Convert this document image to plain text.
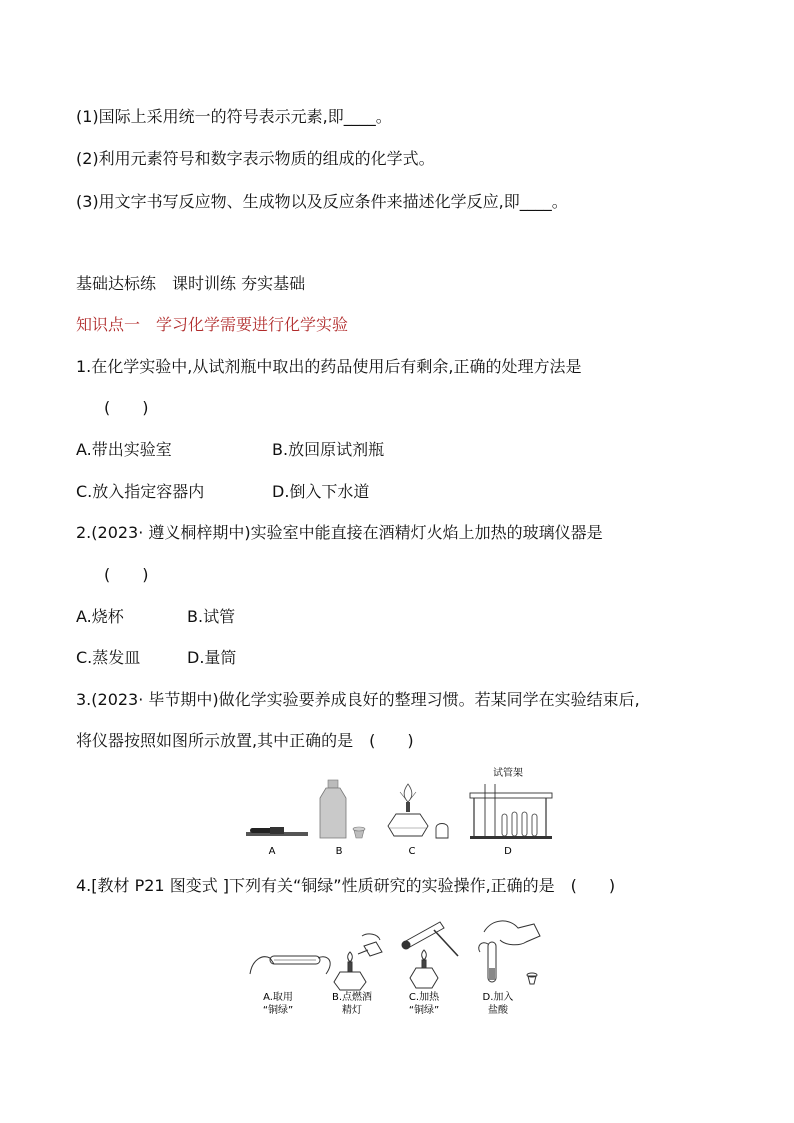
(1)国际上采用统一的符号表示元素,即____。
(2)利用元素符号和数字表示物质的组成的化学式。
(3)用文字书写反应物、生成物以及反应条件来描述化学反应,即____。
基础达标练　课时训练 夯实基础
知识点一　学习化学需要进行化学实验
1.在化学实验中,从试剂瓶中取出的药品使用后有剩余,正确的处理方法是
(　　)
A.带出实验室	B.放回原试剂瓶
C.放入指定容器内	D.倒入下水道
2.(2023· 遵义桐梓期中)实验室中能直接在酒精灯火焰上加热的玻璃仪器是
(　　)
A.烧杯	B.试管
C.蒸发皿	D.量筒
3.(2023· 毕节期中)做化学实验要养成良好的整理习惯。若某同学在实验结束后,
将仪器按照如图所示放置,其中正确的是　(　　)
A	B	C
试管架
D
4.[教材 P21 图变式 ]下列有关“铜绿”性质研究的实验操作,正确的是　(　　)
A.取用
“铜绿”
B.点燃酒
精灯
C.加热
“铜绿”
D.加入
盐酸
